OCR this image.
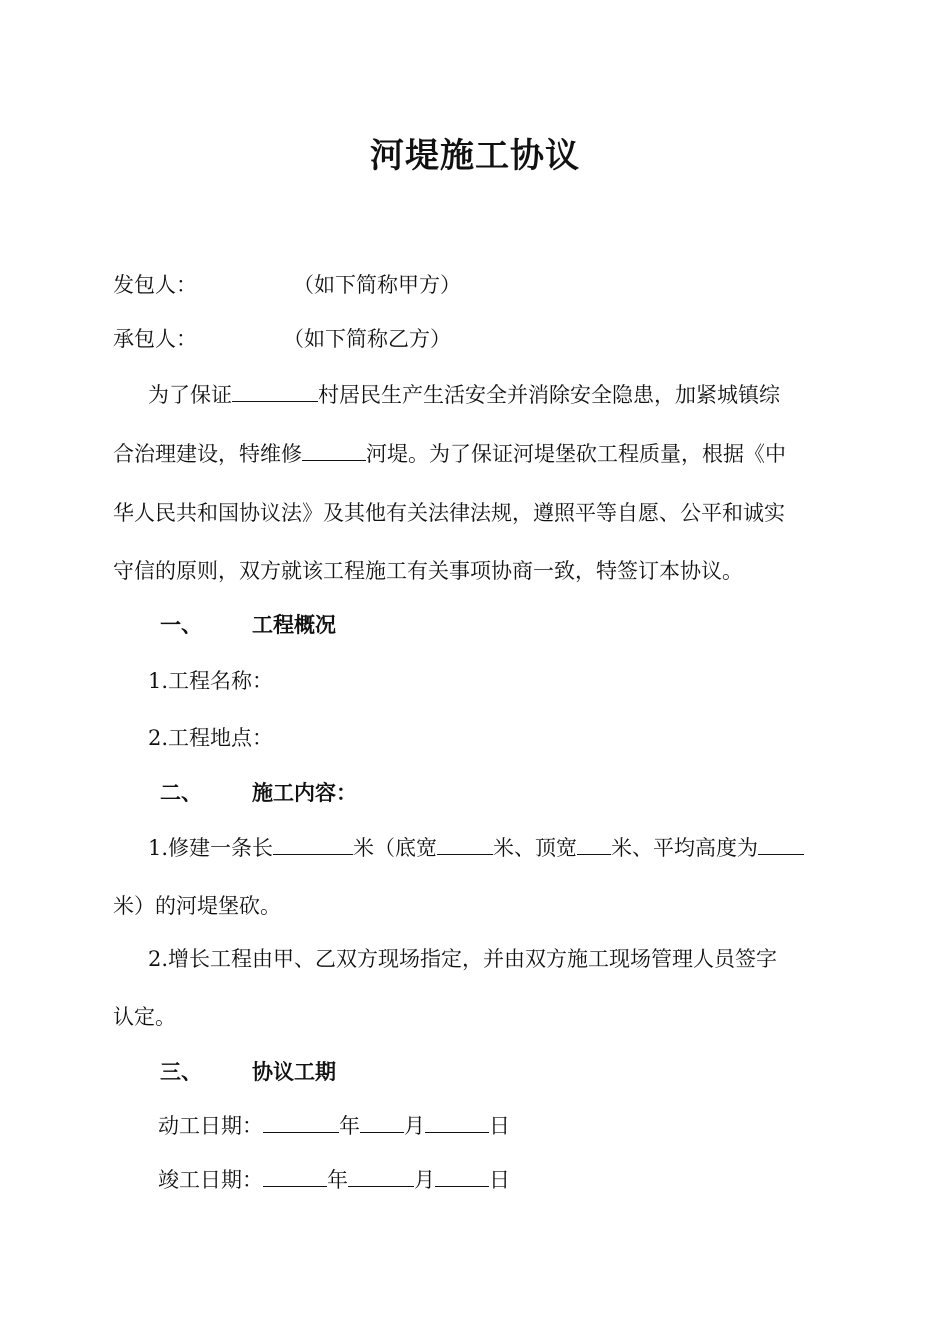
河堤施工协议
发包人：	（如下简称甲方）
承包人：	（如下简称乙方）
为了保证	村居民生产生活安全并消除安全隐患，加紧城镇综
合治理建设，特维修	河堤。为了保证河堤堡砍工程质量，根据《中
华人民共和国协议法》及其他有关法律法规，遵照平等自愿、公平和诚实
守信的原则，双方就该工程施工有关事项协商一致，特签订本协议。
一、 工程概况
1.工程名称：
2.工程地点：
二、 施工内容：
1.修建一条长	米（底宽	米、顶宽 米、平均高度为
米）的河堤堡砍。
2.增长工程由甲、乙双方现场指定，并由双方施工现场管理人员签字
认定。
三、 协议工期
动工日期：	年 月	日
竣工日期：	年	月	日
